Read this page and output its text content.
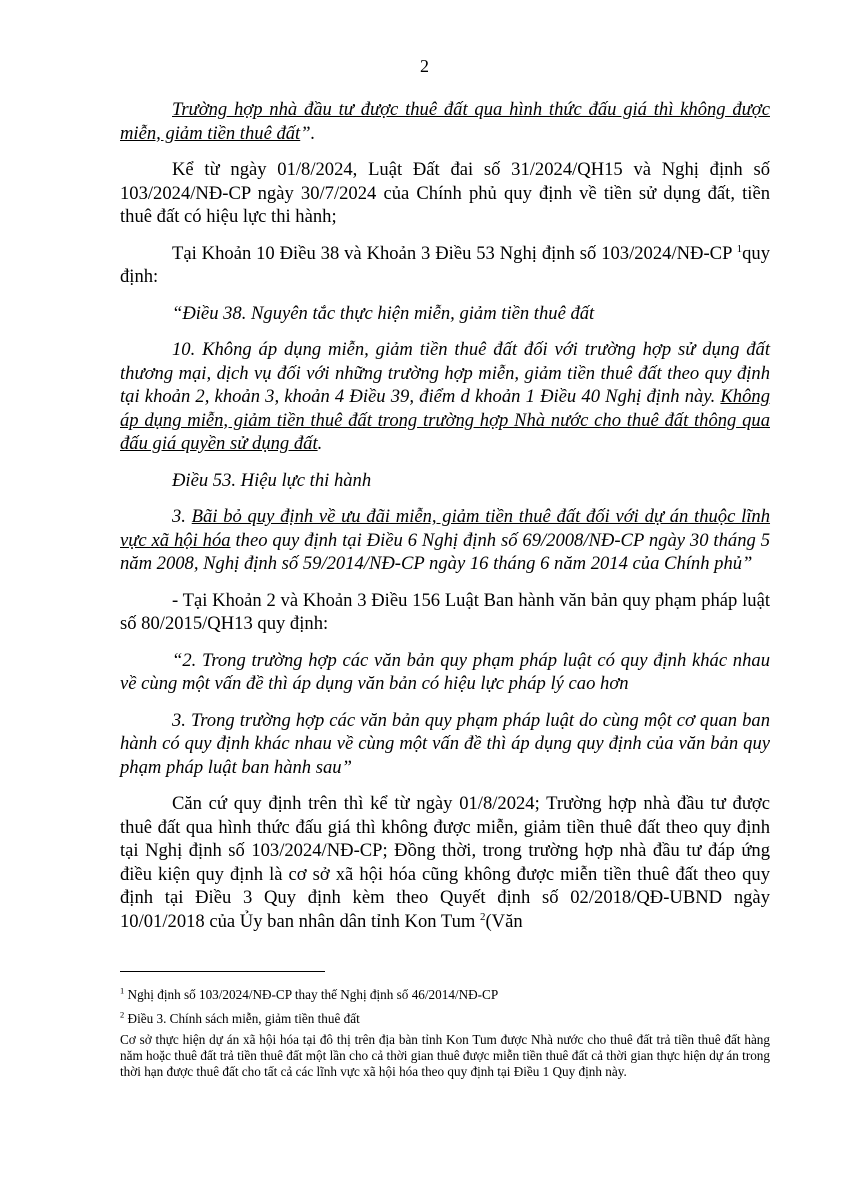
2

Trường hợp nhà đầu tư được thuê đất qua hình thức đấu giá thì không được miễn, giảm tiền thuê đất”.

Kể từ ngày 01/8/2024, Luật Đất đai số 31/2024/QH15 và Nghị định số 103/2024/NĐ-CP ngày 30/7/2024 của Chính phủ quy định về tiền sử dụng đất, tiền thuê đất có hiệu lực thi hành;

Tại Khoản 10 Điều 38 và Khoản 3 Điều 53 Nghị định số 103/2024/NĐ-CP $^1$quy định:

“Điều 38. Nguyên tắc thực hiện miễn, giảm tiền thuê đất

10. Không áp dụng miễn, giảm tiền thuê đất đối với trường hợp sử dụng đất thương mại, dịch vụ đối với những trường hợp miễn, giảm tiền thuê đất theo quy định tại khoản 2, khoản 3, khoản 4 Điều 39, điểm d khoản 1 Điều 40 Nghị định này. Không áp dụng miễn, giảm tiền thuê đất trong trường hợp Nhà nước cho thuê đất thông qua đấu giá quyền sử dụng đất.

Điều 53. Hiệu lực thi hành

3. Bãi bỏ quy định về ưu đãi miễn, giảm tiền thuê đất đối với dự án thuộc lĩnh vực xã hội hóa theo quy định tại Điều 6 Nghị định số 69/2008/NĐ-CP ngày 30 tháng 5 năm 2008, Nghị định số 59/2014/NĐ-CP ngày 16 tháng 6 năm 2014 của Chính phủ”

- Tại Khoản 2 và Khoản 3 Điều 156 Luật Ban hành văn bản quy phạm pháp luật số 80/2015/QH13 quy định:

“2. Trong trường hợp các văn bản quy phạm pháp luật có quy định khác nhau về cùng một vấn đề thì áp dụng văn bản có hiệu lực pháp lý cao hơn

3. Trong trường hợp các văn bản quy phạm pháp luật do cùng một cơ quan ban hành có quy định khác nhau về cùng một vấn đề thì áp dụng quy định của văn bản quy phạm pháp luật ban hành sau”

Căn cứ quy định trên thì kể từ ngày 01/8/2024; Trường hợp nhà đầu tư được thuê đất qua hình thức đấu giá thì không được miễn, giảm tiền thuê đất theo quy định tại Nghị định số 103/2024/NĐ-CP; Đồng thời, trong trường hợp nhà đầu tư đáp ứng điều kiện quy định là cơ sở xã hội hóa cũng không được miễn tiền thuê đất theo quy định tại Điều 3 Quy định kèm theo Quyết định số 02/2018/QĐ-UBND ngày 10/01/2018 của Ủy ban nhân dân tỉnh Kon Tum $^2$(Văn

$^1$ Nghị định số 103/2024/NĐ-CP thay thế Nghị định số 46/2014/NĐ-CP

$^2$ Điều 3. Chính sách miễn, giảm tiền thuê đất

Cơ sở thực hiện dự án xã hội hóa tại đô thị trên địa bàn tỉnh Kon Tum được Nhà nước cho thuê đất trả tiền thuê đất hàng năm hoặc thuê đất trả tiền thuê đất một lần cho cả thời gian thuê được miễn tiền thuê đất cả thời gian thực hiện dự án trong thời hạn được thuê đất cho tất cả các lĩnh vực xã hội hóa theo quy định tại Điều 1 Quy định này.
